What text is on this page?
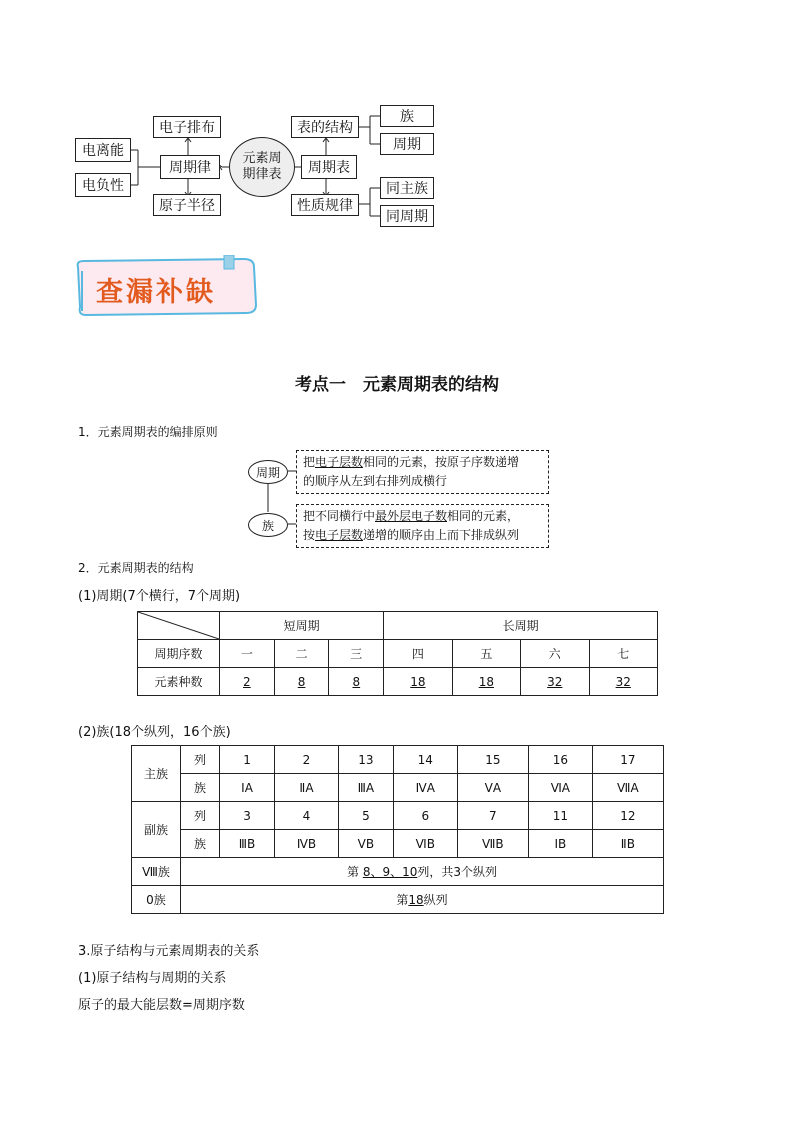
电子排布
周期律
原子半径
电离能
电负性
元素周
期律表
表的结构
周期表
性质规律
族
周期
同主族
同周期
查漏补缺
考点一　元素周期表的结构
1．元素周期表的编排原则
周期
族
把电子层数相同的元素，按原子序数递增
的顺序从左到右排列成横行
把不同横行中最外层电子数相同的元素，
按电子层数递增的顺序由上而下排成纵列
2．元素周期表的结构
(1)周期(7个横行，7个周期)
	短周期			长周期			
周期序数	一	二	三	四	五	六	七
元素种数	2	8	8	18	18	32	32
(2)族(18个纵列，16个族)
主族	列	1	2	13	14	15	16	17
	族	ⅠA	ⅡA	ⅢA	ⅣA	ⅤA	ⅥA	ⅦA
副族	列	3	4	5	6	7	11	12
	族	ⅢB	ⅣB	ⅤB	ⅥB	ⅦB	ⅠB	ⅡB
Ⅷ族	第 8、9、10列，共3个纵列							
0族	第18纵列							
3.原子结构与元素周期表的关系
(1)原子结构与周期的关系
原子的最大能层数=周期序数
